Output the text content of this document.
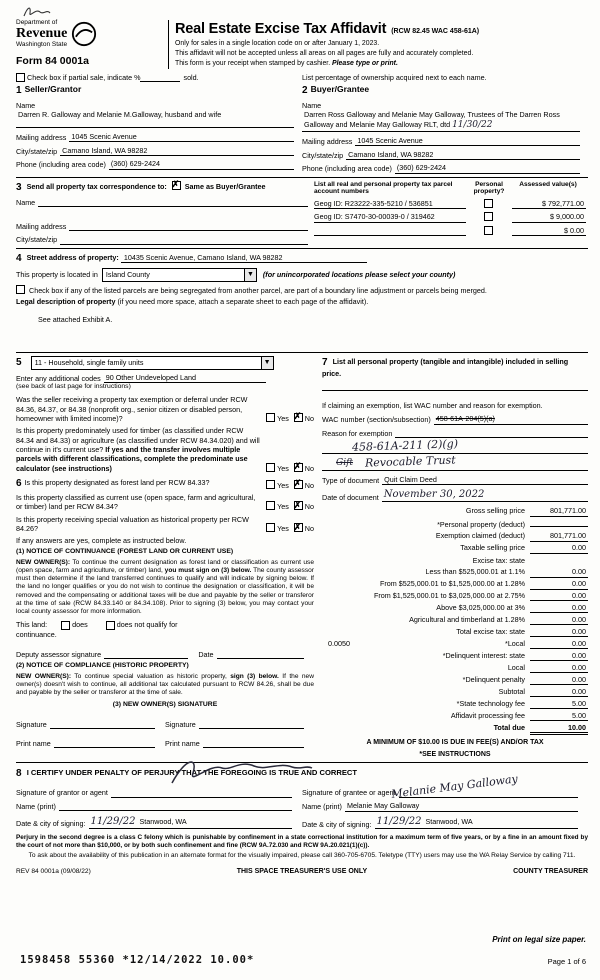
Department of
Revenue
Washington State
Form 84 0001a
Real Estate Excise Tax Affidavit (RCW 82.45 WAC 458-61A)
Only for sales in a single location code on or after January 1, 2023.
This affidavit will not be accepted unless all areas on all pages are fully and accurately completed.
This form is your receipt when stamped by cashier. Please type or print.
Check box if partial sale, indicate %	sold.	List percentage of ownership acquired next to each name.
1 Seller/Grantor
Name
Darren R. Galloway and Melanie M.Galloway, husband and wife
Mailing address 1045 Scenic Avenue
City/state/zip Camano Island, WA 98282
Phone (including area code) (360) 629-2424
2 Buyer/Grantee
Name
Darren Ross Galloway and Melanie May Galloway, Trustees of The Darren Ross Galloway and Melanie May Galloway RLT, dtd 11/30/22
Mailing address 1045 Scenic Avenue
City/state/zip Camano Island, WA 98282
Phone (including area code) (360) 629-2424
3 Send all property tax correspondence to: ✗	Same as Buyer/Grantee
Name
Mailing address
City/state/zip
List all real and personal property tax parcel account numbers
Personal property?
Assessed value(s)
Geog ID: R23222-335-5210 / 536851	$ 792,771.00
Geog ID: S7470-30-00039-0 / 319462	$ 9,000.00
$ 0.00
4 Street address of property: 10435 Scenic Avenue, Camano Island, WA 98282
This property is located in Island County	▼ (for unincorporated locations please select your county)
Check box if any of the listed parcels are being segregated from another parcel, are part of a boundary line adjustment or parcels being merged.
Legal description of property (if you need more space, attach a separate sheet to each page of the affidavit).
See attached Exhibit A.
5 11 - Household, single family units	▼
Enter any additional codes 90 Other Undeveloped Land
(see back of last page for instructions)
Was the seller receiving a property tax exemption or deferral under RCW 84.36, 84.37, or 84.38 (nonprofit org., senior citizen or disabled person, homeowner with limited income)?	Yes ✗ No
Is this property predominately used for timber (as classified under RCW 84.34 and 84.33) or agriculture (as classified under RCW 84.34.020) and will continue in it's current use? If yes and the transfer involves multiple parcels with different classifications, complete the predominate use calculator (see instructions)	Yes ✗ No
6 Is this property designated as forest land per RCW 84.33?	Yes ✗ No
Is this property classified as current use (open space, farm and agricultural, or timber) land per RCW 84.34?	Yes ✗ No
Is this property receiving special valuation as historical property per RCW 84.26?	Yes ✗ No
If any answers are yes, complete as instructed below.
(1) NOTICE OF CONTINUANCE (FOREST LAND OR CURRENT USE)
NEW OWNER(S): To continue the current designation as forest land or classification as current use (open space, farm and agriculture, or timber) land, you must sign on (3) below. The county assessor must then determine if the land transferred continues to qualify and will indicate by signing below. If the land no longer qualifies or you do not wish to continue the designation or classification, it will be removed and the compensating or additional taxes will be due and payable by the seller or transferor at the time of sale (RCW 84.33.140 or 84.34.108). Prior to signing (3) below, you may contact your local county assessor for more information.
This land:	does	does not qualify for
continuance.
Deputy assessor signature	Date
(2) NOTICE OF COMPLIANCE (HISTORIC PROPERTY)
NEW OWNER(S): To continue special valuation as historic property, sign (3) below. If the new owner(s) doesn't wish to continue, all additional tax calculated pursuant to RCW 84.26, shall be due and payable by the seller or transferor at the time of sale.
(3) NEW OWNER(S) SIGNATURE
Signature	Signature
Print name	Print name
7 List all personal property (tangible and intangible) included in selling price.
If claiming an exemption, list WAC number and reason for exemption.
WAC number (section/subsection) 458-61A-204(5)(a)
Reason for exemption
458-61A-211 (2)(g)
Gift Revocable Trust
Type of document Quit Claim Deed
Date of document November 30, 2022
Gross selling price	801,771.00
*Personal property (deduct)
Exemption claimed (deduct)	801,771.00
Taxable selling price	0.00
Excise tax: state
Less than $525,000.01 at 1.1%	0.00
From $525,000.01 to $1,525,000.00 at 1.28%	0.00
From $1,525,000.01 to $3,025,000.00 at 2.75%	0.00
Above $3,025,000.00 at 3%	0.00
Agricultural and timberland at 1.28%	0.00
Total excise tax: state	0.00
0.0050	*Local	0.00
*Delinquent interest: state	0.00
Local	0.00
*Delinquent penalty	0.00
Subtotal	0.00
*State technology fee	5.00
Affidavit processing fee	5.00
Total due	10.00
A MINIMUM OF $10.00 IS DUE IN FEE(S) AND/OR TAX
*SEE INSTRUCTIONS
8 I CERTIFY UNDER PENALTY OF PERJURY THAT THE FOREGOING IS TRUE AND CORRECT
Signature of grantor or agent
Name (print)
Date & city of signing: 11/29/22 Stanwood, WA
Melanie May Galloway
Signature of grantee or agent
Name (print) Melanie May Galloway
Date & city of signing: 11/29/22 Stanwood, WA
Perjury in the second degree is a class C felony which is punishable by confinement in a state correctional institution for a maximum term of five years, or by a fine in an amount fixed by the court of not more than $10,000, or by both such confinement and fine (RCW 9A.72.030 and RCW 9A.20.021(1)(c)).
To ask about the availability of this publication in an alternate format for the visually impaired, please call 360-705-6705. Teletype (TTY) users may use the WA Relay Service by calling 711.
REV 84 0001a (09/08/22)	THIS SPACE TREASURER'S USE ONLY	COUNTY TREASURER
1598458 55360 *12/14/2022 10.00*
Print on legal size paper.
Page 1 of 6
